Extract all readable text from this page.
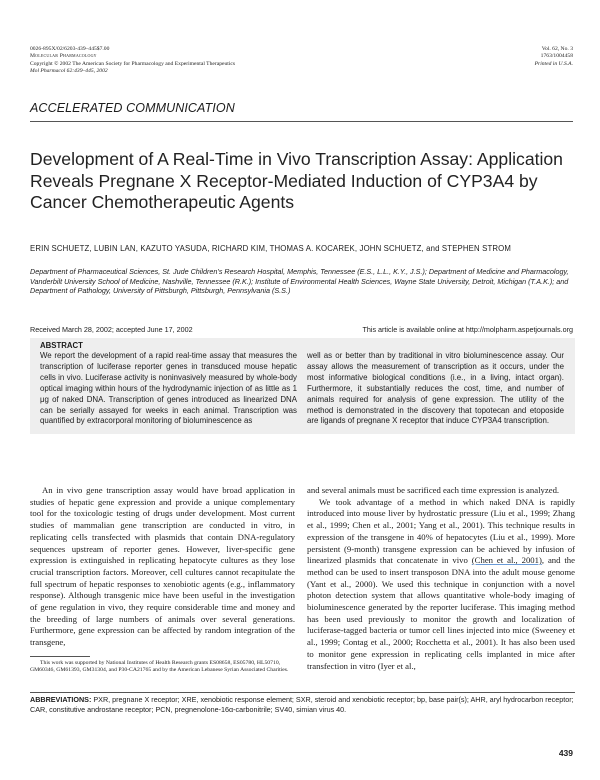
0026-895X/02/6203-439–445$7.00
Molecular Pharmacology
Copyright © 2002 The American Society for Pharmacology and Experimental Therapeutics
Mol Pharmacol 62:439–445, 2002
Vol. 62, No. 3
1763/1004458
Printed in U.S.A.
ACCELERATED COMMUNICATION
Development of A Real-Time in Vivo Transcription Assay: Application Reveals Pregnane X Receptor-Mediated Induction of CYP3A4 by Cancer Chemotherapeutic Agents
ERIN SCHUETZ, LUBIN LAN, KAZUTO YASUDA, RICHARD KIM, THOMAS A. KOCAREK, JOHN SCHUETZ, and STEPHEN STROM
Department of Pharmaceutical Sciences, St. Jude Children’s Research Hospital, Memphis, Tennessee (E.S., L.L., K.Y., J.S.); Department of Medicine and Pharmacology, Vanderbilt University School of Medicine, Nashville, Tennessee (R.K.); Institute of Environmental Health Sciences, Wayne State University, Detroit, Michigan (T.A.K.); and Department of Pathology, University of Pittsburgh, Pittsburgh, Pennsylvania (S.S.)
Received March 28, 2002; accepted June 17, 2002	This article is available online at http://molpharm.aspetjournals.org
ABSTRACT
We report the development of a rapid real-time assay that measures the transcription of luciferase reporter genes in transduced mouse hepatic cells in vivo. Luciferase activity is noninvasively measured by whole-body optical imaging within hours of the hydrodynamic injection of as little as 1 μg of naked DNA. Transcription of genes introduced as linearized DNA can be serially assayed for weeks in each animal. Transcription was quantified by extracorporal monitoring of bioluminescence as
well as or better than by traditional in vitro bioluminescence assay. Our assay allows the measurement of transcription as it occurs, under the most informative biological conditions (i.e., in a living, intact organ). Furthermore, it substantially reduces the cost, time, and number of animals required for analysis of gene expression. The utility of the method is demonstrated in the discovery that topotecan and etoposide are ligands of pregnane X receptor that induce CYP3A4 transcription.
An in vivo gene transcription assay would have broad application in studies of hepatic gene expression and provide a unique complementary tool for the toxicologic testing of drugs under development. Most current studies of mammalian gene transcription are conducted in vitro, in replicating cells transfected with plasmids that contain DNA-regulatory sequences upstream of reporter genes. However, liver-specific gene expression is extinguished in replicating hepatocyte cultures as they lose crucial transcription factors. Moreover, cell cultures cannot recapitulate the full spectrum of hepatic responses to xenobiotic agents (e.g., inflammatory response). Although transgenic mice have been useful in the investigation of gene regulation in vivo, they require considerable time and money and the breeding of large numbers of animals over several generations. Furthermore, gene expression can be affected by random integration of the transgene,

and several animals must be sacrificed each time expression is analyzed.

We took advantage of a method in which naked DNA is rapidly introduced into mouse liver by hydrostatic pressure (Liu et al., 1999; Zhang et al., 1999; Chen et al., 2001; Yang et al., 2001). This technique results in expression of the transgene in 40% of hepatocytes (Liu et al., 1999). More persistent (9-month) transgene expression can be achieved by infusion of linearized plasmids that concatenate in vivo (Chen et al., 2001), and the method can be used to insert transposon DNA into the adult mouse genome (Yant et al., 2000). We used this technique in conjunction with a novel photon detection system that allows quantitative whole-body imaging of bioluminescence generated by the reporter luciferase. This imaging method has been used previously to monitor the growth and localization of luciferase-tagged bacteria or tumor cell lines injected into mice (Sweeney et al., 1999; Contag et al., 2000; Rocchetta et al., 2001). It has also been used to monitor gene expression in replicating cells implanted in mice after transfection in vitro (Iyer et al.,

This work was supported by National Institutes of Health Research grants ES08658, ES05780, HL50710, GM60346, GM61393, GM31304, and P30-CA21765 and by the American Lebanese Syrian Associated Charities.
ABBREVIATIONS: PXR, pregnane X receptor; XRE, xenobiotic response element; SXR, steroid and xenobiotic receptor; bp, base pair(s); AHR, aryl hydrocarbon receptor; CAR, constitutive androstane receptor; PCN, pregnenolone-16α-carbonitrile; SV40, simian virus 40.
439
